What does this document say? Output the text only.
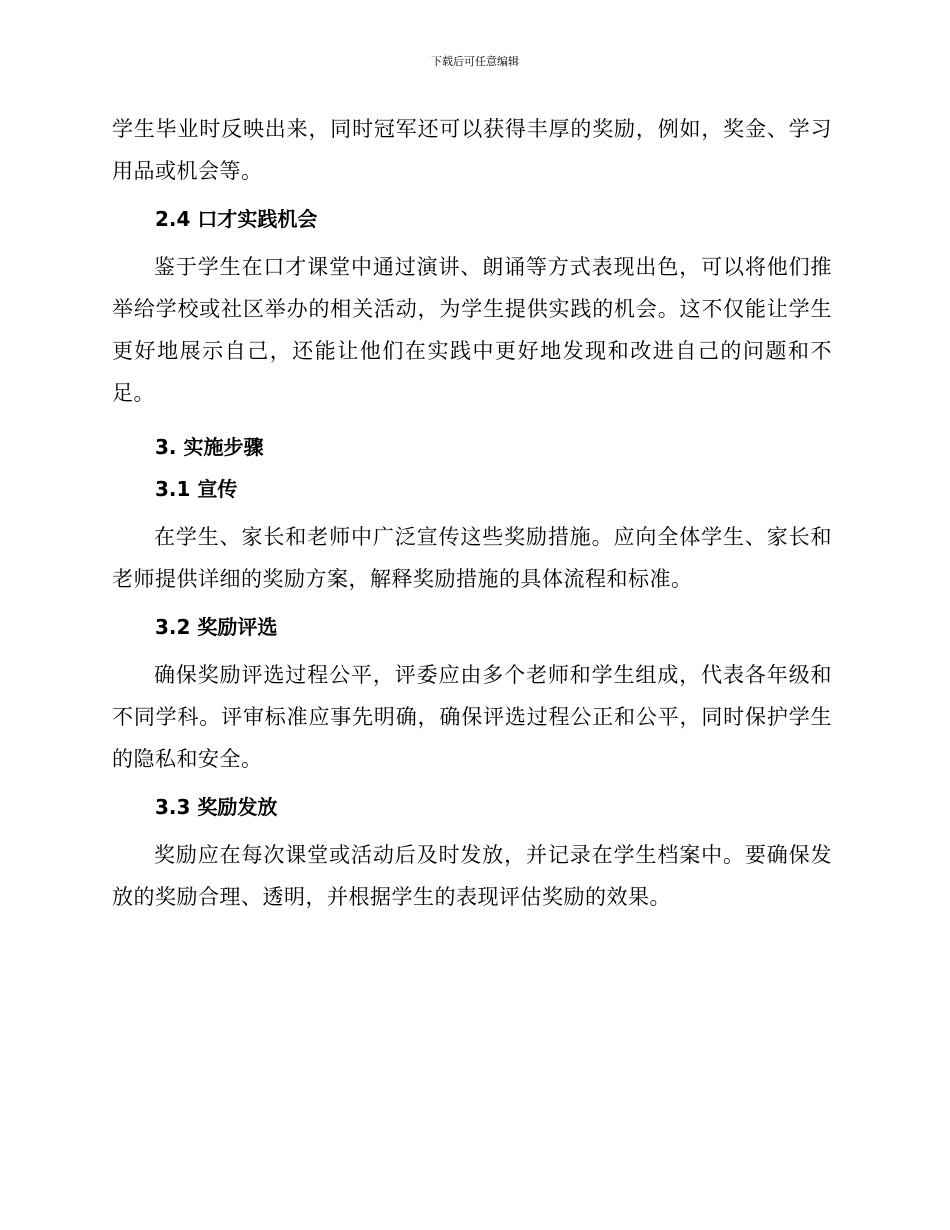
下载后可任意编辑

学生毕业时反映出来，同时冠军还可以获得丰厚的奖励，例如，奖金、学习用品或机会等。

2.4 口才实践机会

鉴于学生在口才课堂中通过演讲、朗诵等方式表现出色，可以将他们推举给学校或社区举办的相关活动，为学生提供实践的机会。这不仅能让学生更好地展示自己，还能让他们在实践中更好地发现和改进自己的问题和不足。

3. 实施步骤
3.1 宣传

在学生、家长和老师中广泛宣传这些奖励措施。应向全体学生、家长和老师提供详细的奖励方案，解释奖励措施的具体流程和标准。

3.2 奖励评选

确保奖励评选过程公平，评委应由多个老师和学生组成，代表各年级和不同学科。评审标准应事先明确，确保评选过程公正和公平，同时保护学生的隐私和安全。

3.3 奖励发放

奖励应在每次课堂或活动后及时发放，并记录在学生档案中。要确保发放的奖励合理、透明，并根据学生的表现评估奖励的效果。
